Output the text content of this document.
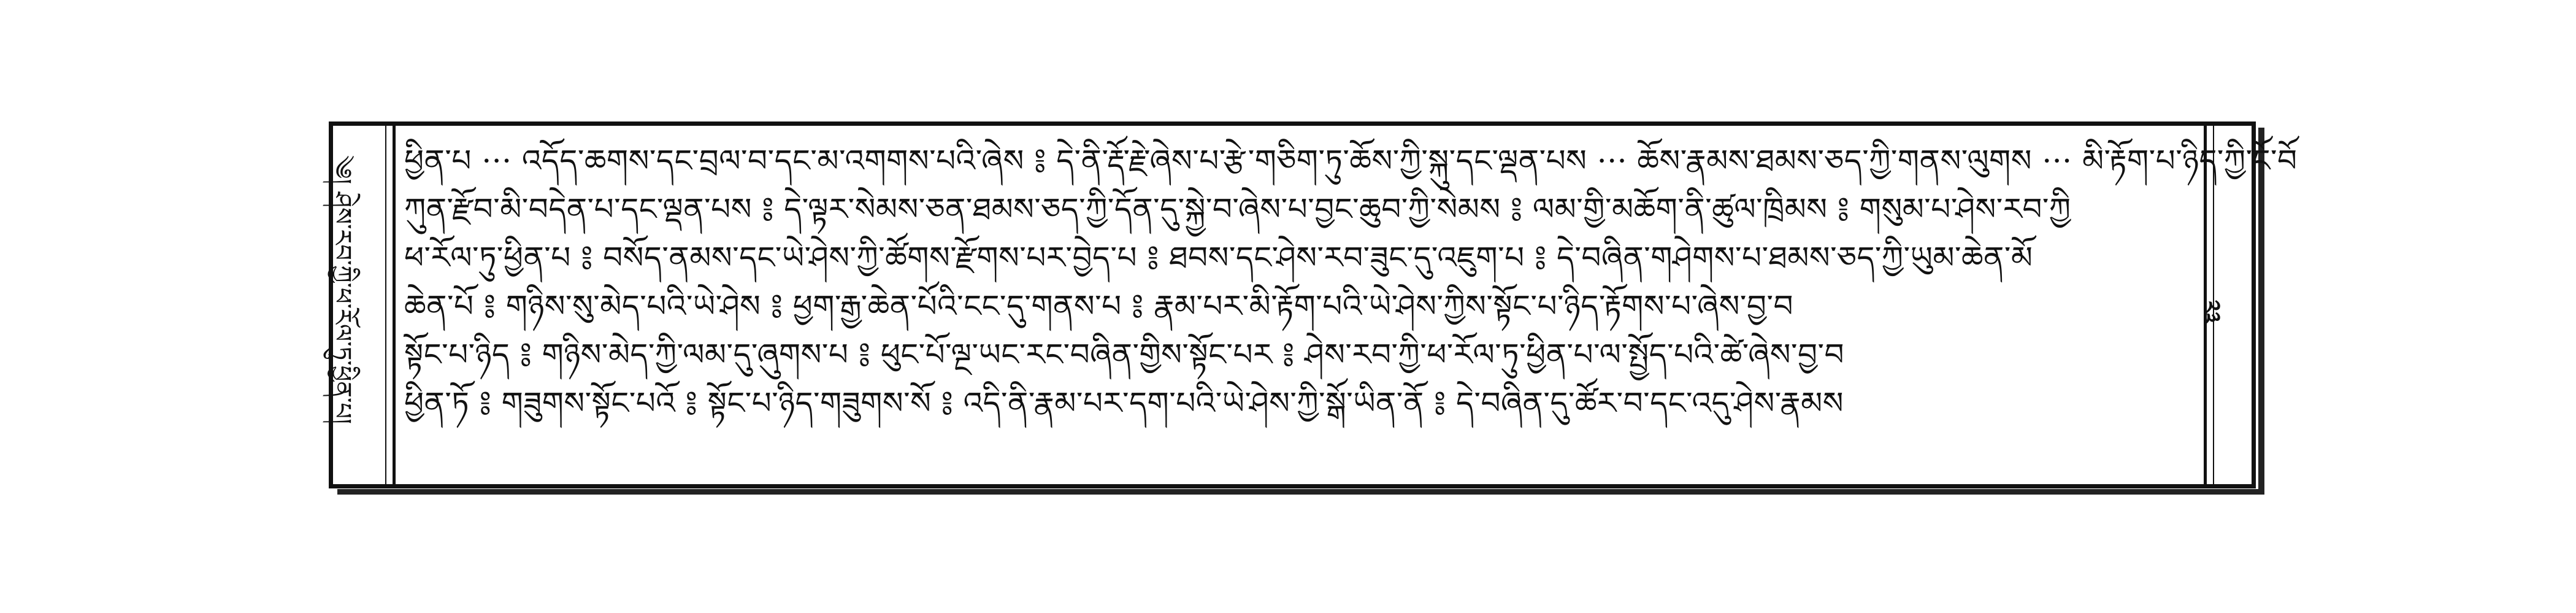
༄། ཤེས་རབ་ཀྱི་ཕ་རོལ་ཏུ་ཕྱིན་པ།	ཕྱིན་པ ··· འདོད་ཆགས་དང་བྲལ་བ་དང་མ་འགགས་པའི་ཞེས ༔ དེ་ནི་རྡོ་རྗེ་ཞེས་པ་རྩེ་གཅིག་ཏུ་ཆོས་ཀྱི་སྐུ་དང་ལྡན་པས ··· ཆོས་རྣམས་ཐམས་ཅད་ཀྱི་གནས་ལུགས ··· མི་རྟོག་པ་ཉིད་ཀྱི་ངོ་བོ
ཀུན་རྫོབ་མི་བདེན་པ་དང་ལྡན་པས ༔ དེ་ལྟར་སེམས་ཅན་ཐམས་ཅད་ཀྱི་དོན་དུ་སྐྱེ་བ་ཞེས་པ་བྱང་ཆུབ་ཀྱི་སེམས ༔ ལམ་གྱི་མཆོག་ནི་ཚུལ་ཁྲིམས ༔ གསུམ་པ་ཤེས་རབ་ཀྱི
ཕ་རོལ་ཏུ་ཕྱིན་པ ༔ བསོད་ནམས་དང་ཡེ་ཤེས་ཀྱི་ཚོགས་རྫོགས་པར་བྱེད་པ ༔ ཐབས་དང་ཤེས་རབ་ཟུང་དུ་འཇུག་པ ༔ དེ་བཞིན་གཤེགས་པ་ཐམས་ཅད་ཀྱི་ཡུམ་ཆེན་མོ
ཆེན་པོ ༔ གཉིས་སུ་མེད་པའི་ཡེ་ཤེས ༔ ཕྱག་རྒྱ་ཆེན་པོའི་ངང་དུ་གནས་པ ༔ རྣམ་པར་མི་རྟོག་པའི་ཡེ་ཤེས་ཀྱིས་སྟོང་པ་ཉིད་རྟོགས་པ་ཞེས་བྱ་བ
སྟོང་པ་ཉིད ༔ གཉིས་མེད་ཀྱི་ལམ་དུ་ཞུགས་པ ༔ ཕུང་པོ་ལྔ་ཡང་རང་བཞིན་གྱིས་སྟོང་པར ༔ ཤེས་རབ་ཀྱི་ཕ་རོལ་ཏུ་ཕྱིན་པ་ལ་སྤྱོད་པའི་ཚེ་ཞེས་བྱ་བ
ཕྱིན་ཏོ ༔ གཟུགས་སྟོང་པའོ ༔ སྟོང་པ་ཉིད་གཟུགས་སོ ༔ འདི་ནི་རྣམ་པར་དག་པའི་ཡེ་ཤེས་ཀྱི་སྒོ་ཡིན་ནོ ༔ དེ་བཞིན་དུ་ཚོར་བ་དང་འདུ་ཤེས་རྣམས
༢༣
